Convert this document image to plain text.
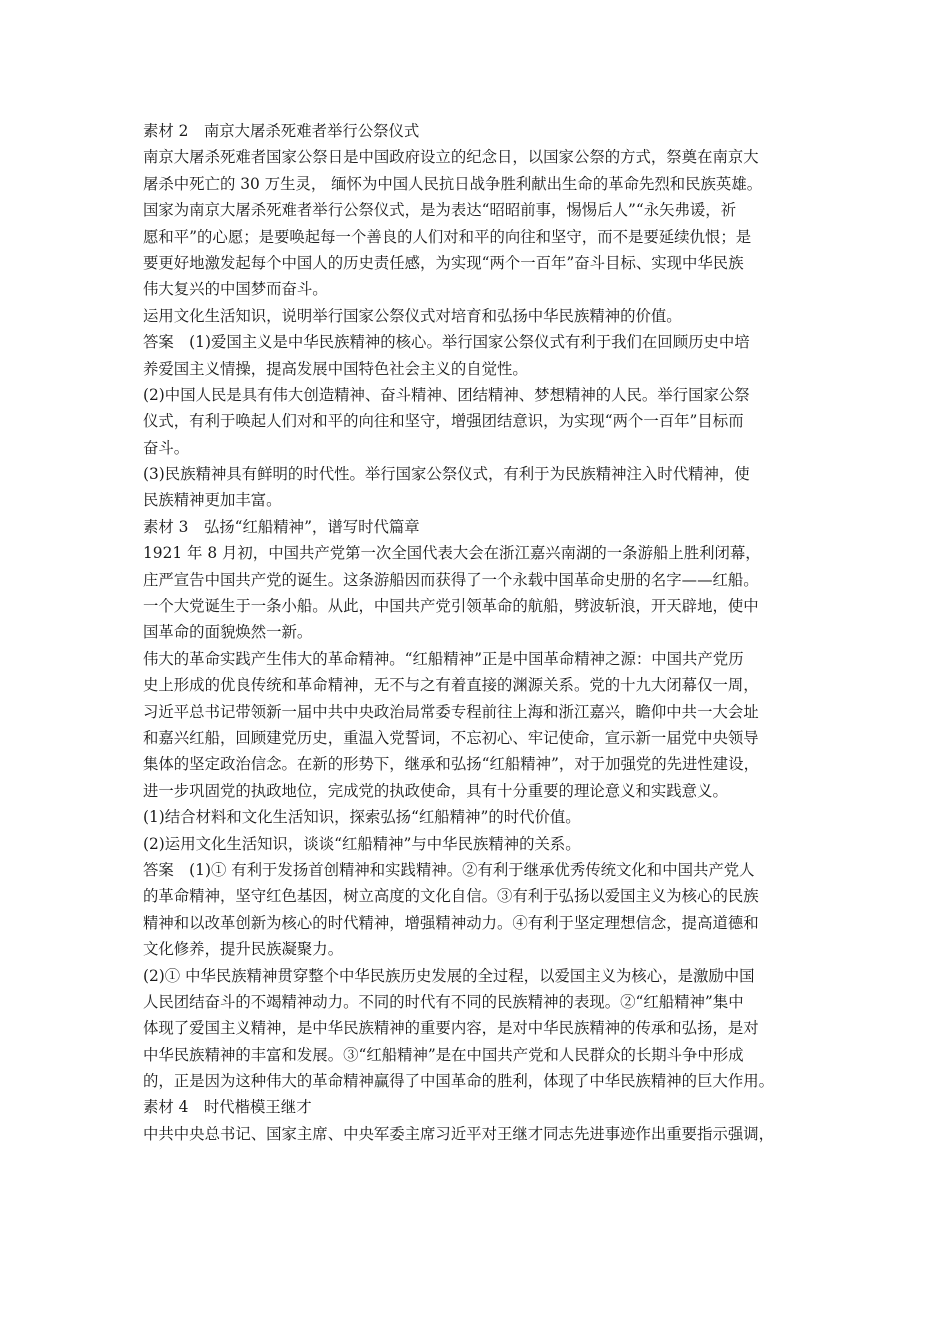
素材 2　南京大屠杀死难者举行公祭仪式
南京大屠杀死难者国家公祭日是中国政府设立的纪念日，以国家公祭的方式，祭奠在南京大
屠杀中死亡的 30 万生灵， 缅怀为中国人民抗日战争胜利献出生命的革命先烈和民族英雄。
国家为南京大屠杀死难者举行公祭仪式，是为表达“昭昭前事，惕惕后人”“永矢弗谖，祈
愿和平”的心愿；是要唤起每一个善良的人们对和平的向往和坚守，而不是要延续仇恨；是
要更好地激发起每个中国人的历史责任感，为实现“两个一百年”奋斗目标、实现中华民族
伟大复兴的中国梦而奋斗。
运用文化生活知识，说明举行国家公祭仪式对培育和弘扬中华民族精神的价值。
答案　(1)爱国主义是中华民族精神的核心。举行国家公祭仪式有利于我们在回顾历史中培
养爱国主义情操，提高发展中国特色社会主义的自觉性。
(2)中国人民是具有伟大创造精神、奋斗精神、团结精神、梦想精神的人民。举行国家公祭
仪式，有利于唤起人们对和平的向往和坚守，增强团结意识，为实现“两个一百年”目标而
奋斗。
(3)民族精神具有鲜明的时代性。举行国家公祭仪式，有利于为民族精神注入时代精神，使
民族精神更加丰富。
素材 3　弘扬“红船精神”，谱写时代篇章
1921 年 8 月初，中国共产党第一次全国代表大会在浙江嘉兴南湖的一条游船上胜利闭幕，
庄严宣告中国共产党的诞生。这条游船因而获得了一个永载中国革命史册的名字——红船。
一个大党诞生于一条小船。从此，中国共产党引领革命的航船，劈波斩浪，开天辟地，使中
国革命的面貌焕然一新。
伟大的革命实践产生伟大的革命精神。“红船精神”正是中国革命精神之源：中国共产党历
史上形成的优良传统和革命精神，无不与之有着直接的渊源关系。党的十九大闭幕仅一周，
习近平总书记带领新一届中共中央政治局常委专程前往上海和浙江嘉兴，瞻仰中共一大会址
和嘉兴红船，回顾建党历史，重温入党誓词，不忘初心、牢记使命，宣示新一届党中央领导
集体的坚定政治信念。在新的形势下，继承和弘扬“红船精神”，对于加强党的先进性建设，
进一步巩固党的执政地位，完成党的执政使命，具有十分重要的理论意义和实践意义。
(1)结合材料和文化生活知识，探索弘扬“红船精神”的时代价值。
(2)运用文化生活知识，谈谈“红船精神”与中华民族精神的关系。
答案　(1)① 有利于发扬首创精神和实践精神。②有利于继承优秀传统文化和中国共产党人
的革命精神，坚守红色基因，树立高度的文化自信。③有利于弘扬以爱国主义为核心的民族
精神和以改革创新为核心的时代精神，增强精神动力。④有利于坚定理想信念，提高道德和
文化修养，提升民族凝聚力。
(2)① 中华民族精神贯穿整个中华民族历史发展的全过程，以爱国主义为核心，是激励中国
人民团结奋斗的不竭精神动力。不同的时代有不同的民族精神的表现。②“红船精神”集中
体现了爱国主义精神，是中华民族精神的重要内容，是对中华民族精神的传承和弘扬，是对
中华民族精神的丰富和发展。③“红船精神”是在中国共产党和人民群众的长期斗争中形成
的，正是因为这种伟大的革命精神赢得了中国革命的胜利，体现了中华民族精神的巨大作用。
素材 4　时代楷模王继才
中共中央总书记、国家主席、中央军委主席习近平对王继才同志先进事迹作出重要指示强调，
